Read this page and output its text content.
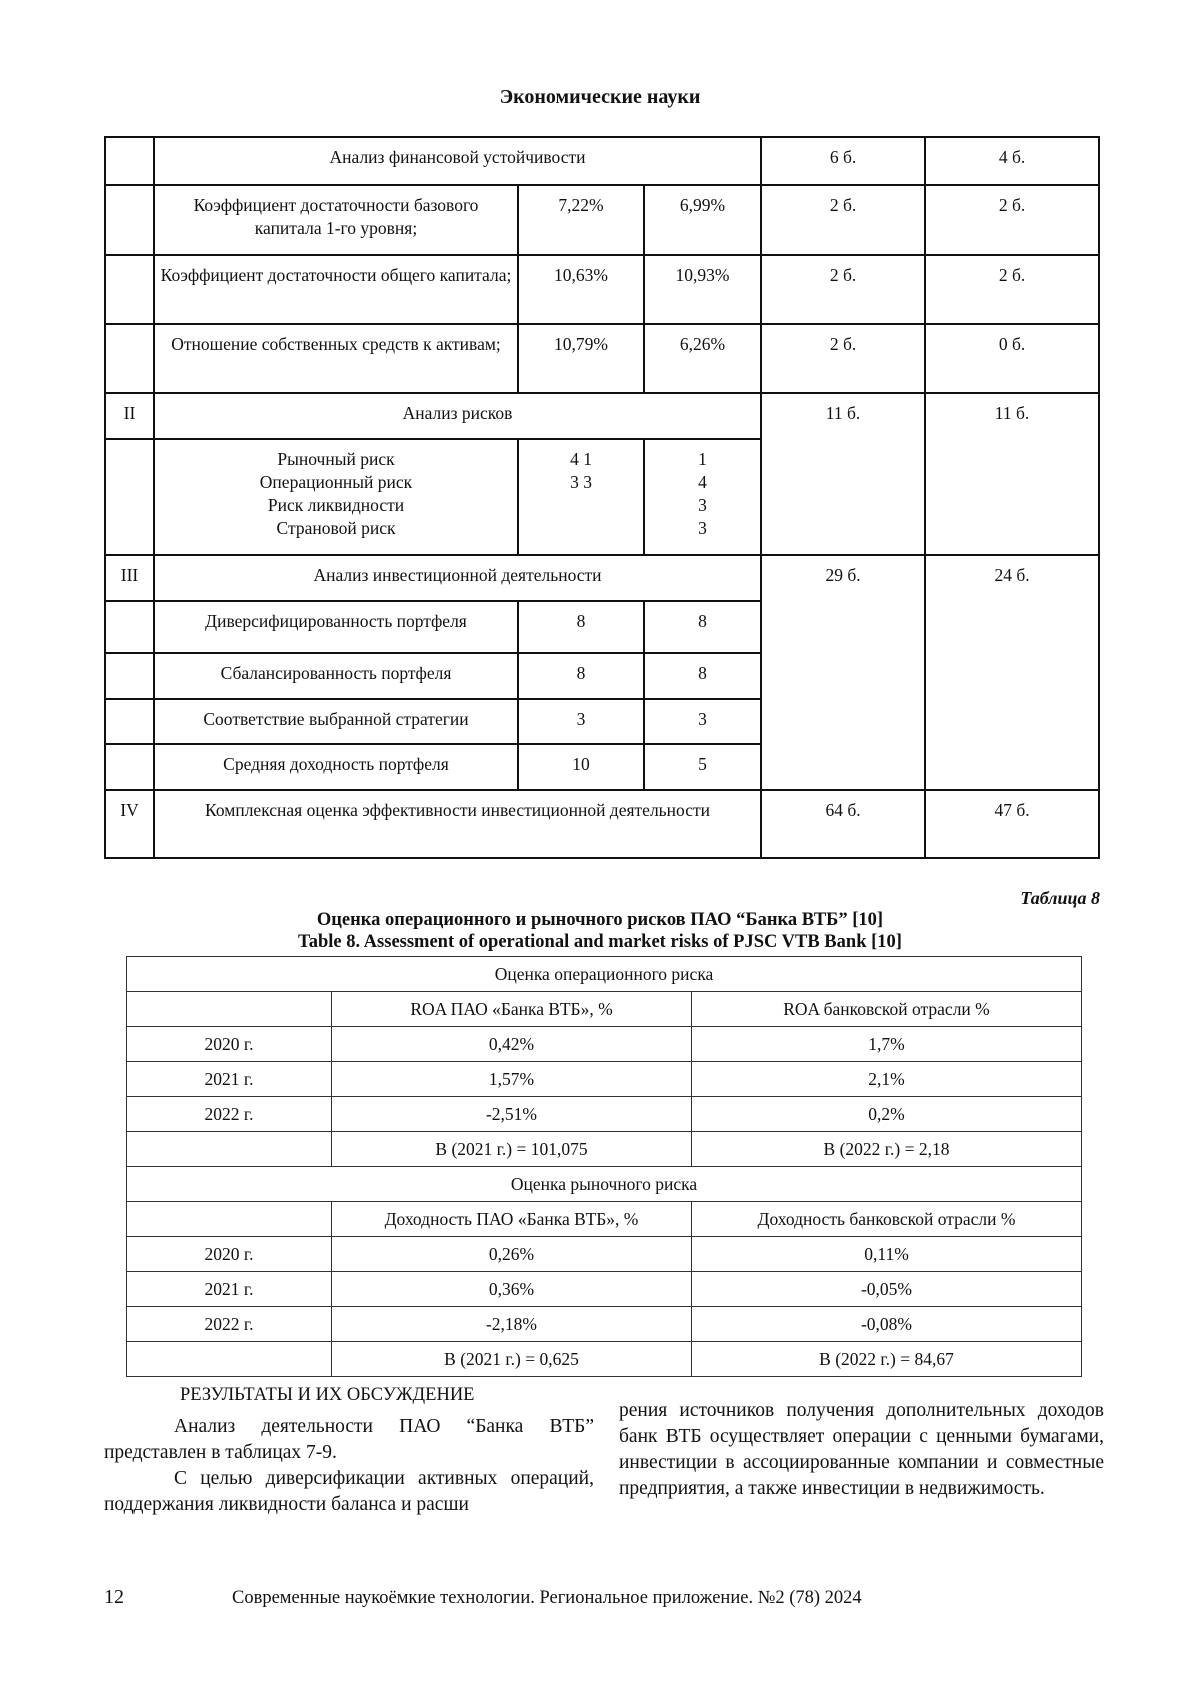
Экономические науки
	Анализ финансовой устойчивости			6 б.	4 б.
	Коэффициент достаточности базового капитала 1-го уровня;	7,22%	6,99%	2 б.	2 б.
	Коэффициент достаточности общего капитала;	10,63%	10,93%	2 б.	2 б.
	Отношение собственных средств к активам;	10,79%	6,26%	2 б.	0 б.
II	Анализ рисков			11 б.	11 б.
	Рыночный риск Операционный риск Риск ликвидности Страновой риск	4 1 3 3	1 4 3 3		
III	Анализ инвестиционной деятельности			29 б.	24 б.
	Диверсифицированность портфеля	8	8		
	Сбалансированность портфеля	8	8		
	Соответствие выбранной стратегии	3	3		
	Средняя доходность портфеля	10	5		
IV	Комплексная оценка эффективности инвестиционной деятельности			64 б.	47 б.
Таблица 8
Оценка операционного и рыночного рисков ПАО “Банка ВТБ” [10]
Table 8. Assessment of operational and market risks of PJSC VTB Bank [10]
Оценка операционного риска		
	ROA ПАО «Банка ВТБ», %	ROA банковской отрасли %
2020 г.	0,42%	1,7%
2021 г.	1,57%	2,1%
2022 г.	-2,51%	0,2%
	B (2021 г.) = 101,075	B (2022 г.) = 2,18
Оценка рыночного риска		
	Доходность ПАО «Банка ВТБ», %	Доходность банковской отрасли %
2020 г.	0,26%	0,11%
2021 г.	0,36%	-0,05%
2022 г.	-2,18%	-0,08%
	B (2021 г.) = 0,625	B (2022 г.) = 84,67
РЕЗУЛЬТАТЫ И ИХ ОБСУЖДЕНИЕ
Анализ деятельности ПАО “Банка ВТБ” представлен в таблицах 7-9.
С целью диверсификации активных операций, поддержания ликвидности баланса и расши
рения источников получения дополнительных доходов банк ВТБ осуществляет операции с ценными бумагами, инвестиции в ассоциированные компании и совместные предприятия, а также инвестиции в недвижимость.
12	Современные наукоёмкие технологии. Региональное приложение. №2 (78) 2024
